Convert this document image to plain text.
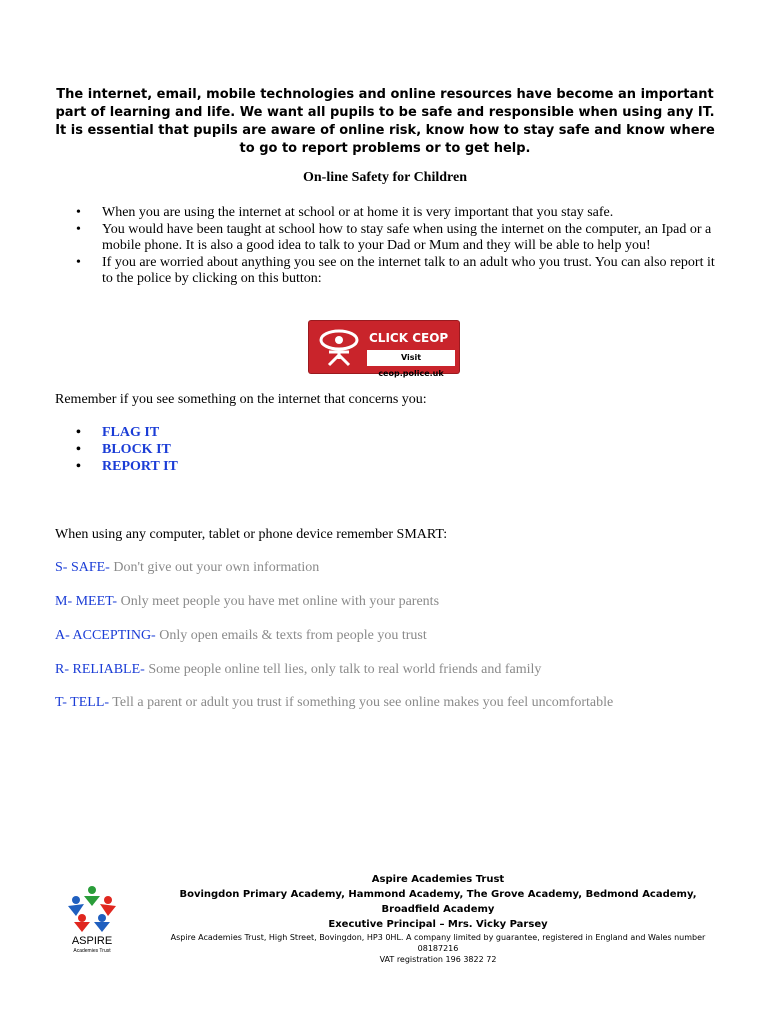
The internet, email, mobile technologies and online resources have become an important part of learning and life. We want all pupils to be safe and responsible when using any IT. It is essential that pupils are aware of online risk, know how to stay safe and know where to go to report problems or to get help.
On-line Safety for Children
• When you are using the internet at school or at home it is very important that you stay safe.
• You would have been taught at school how to stay safe when using the internet on the computer, an Ipad or a mobile phone. It is also a good idea to talk to your Dad or Mum and they will be able to help you!
• If you are worried about anything you see on the internet talk to an adult who you trust. You can also report it to the police by clicking on this button:
CLICK CEOP
Visit ceop.police.uk
Remember if you see something on the internet that concerns you:
• FLAG IT
• BLOCK IT
• REPORT IT
When using any computer, tablet or phone device remember SMART:
S- SAFE- Don't give out your own information
M- MEET- Only meet people you have met online with your parents
A- ACCEPTING- Only open emails & texts from people you trust
R- RELIABLE- Some people online tell lies, only talk to real world friends and family
T- TELL- Tell a parent or adult you trust if something you see online makes you feel uncomfortable
ASPIRE
Academies Trust
Aspire Academies Trust
Bovingdon Primary Academy, Hammond Academy, The Grove Academy, Bedmond Academy, Broadfield Academy
Executive Principal – Mrs. Vicky Parsey
Aspire Academies Trust, High Street, Bovingdon, HP3 0HL. A company limited by guarantee, registered in England and Wales number 08187216
VAT registration 196 3822 72
